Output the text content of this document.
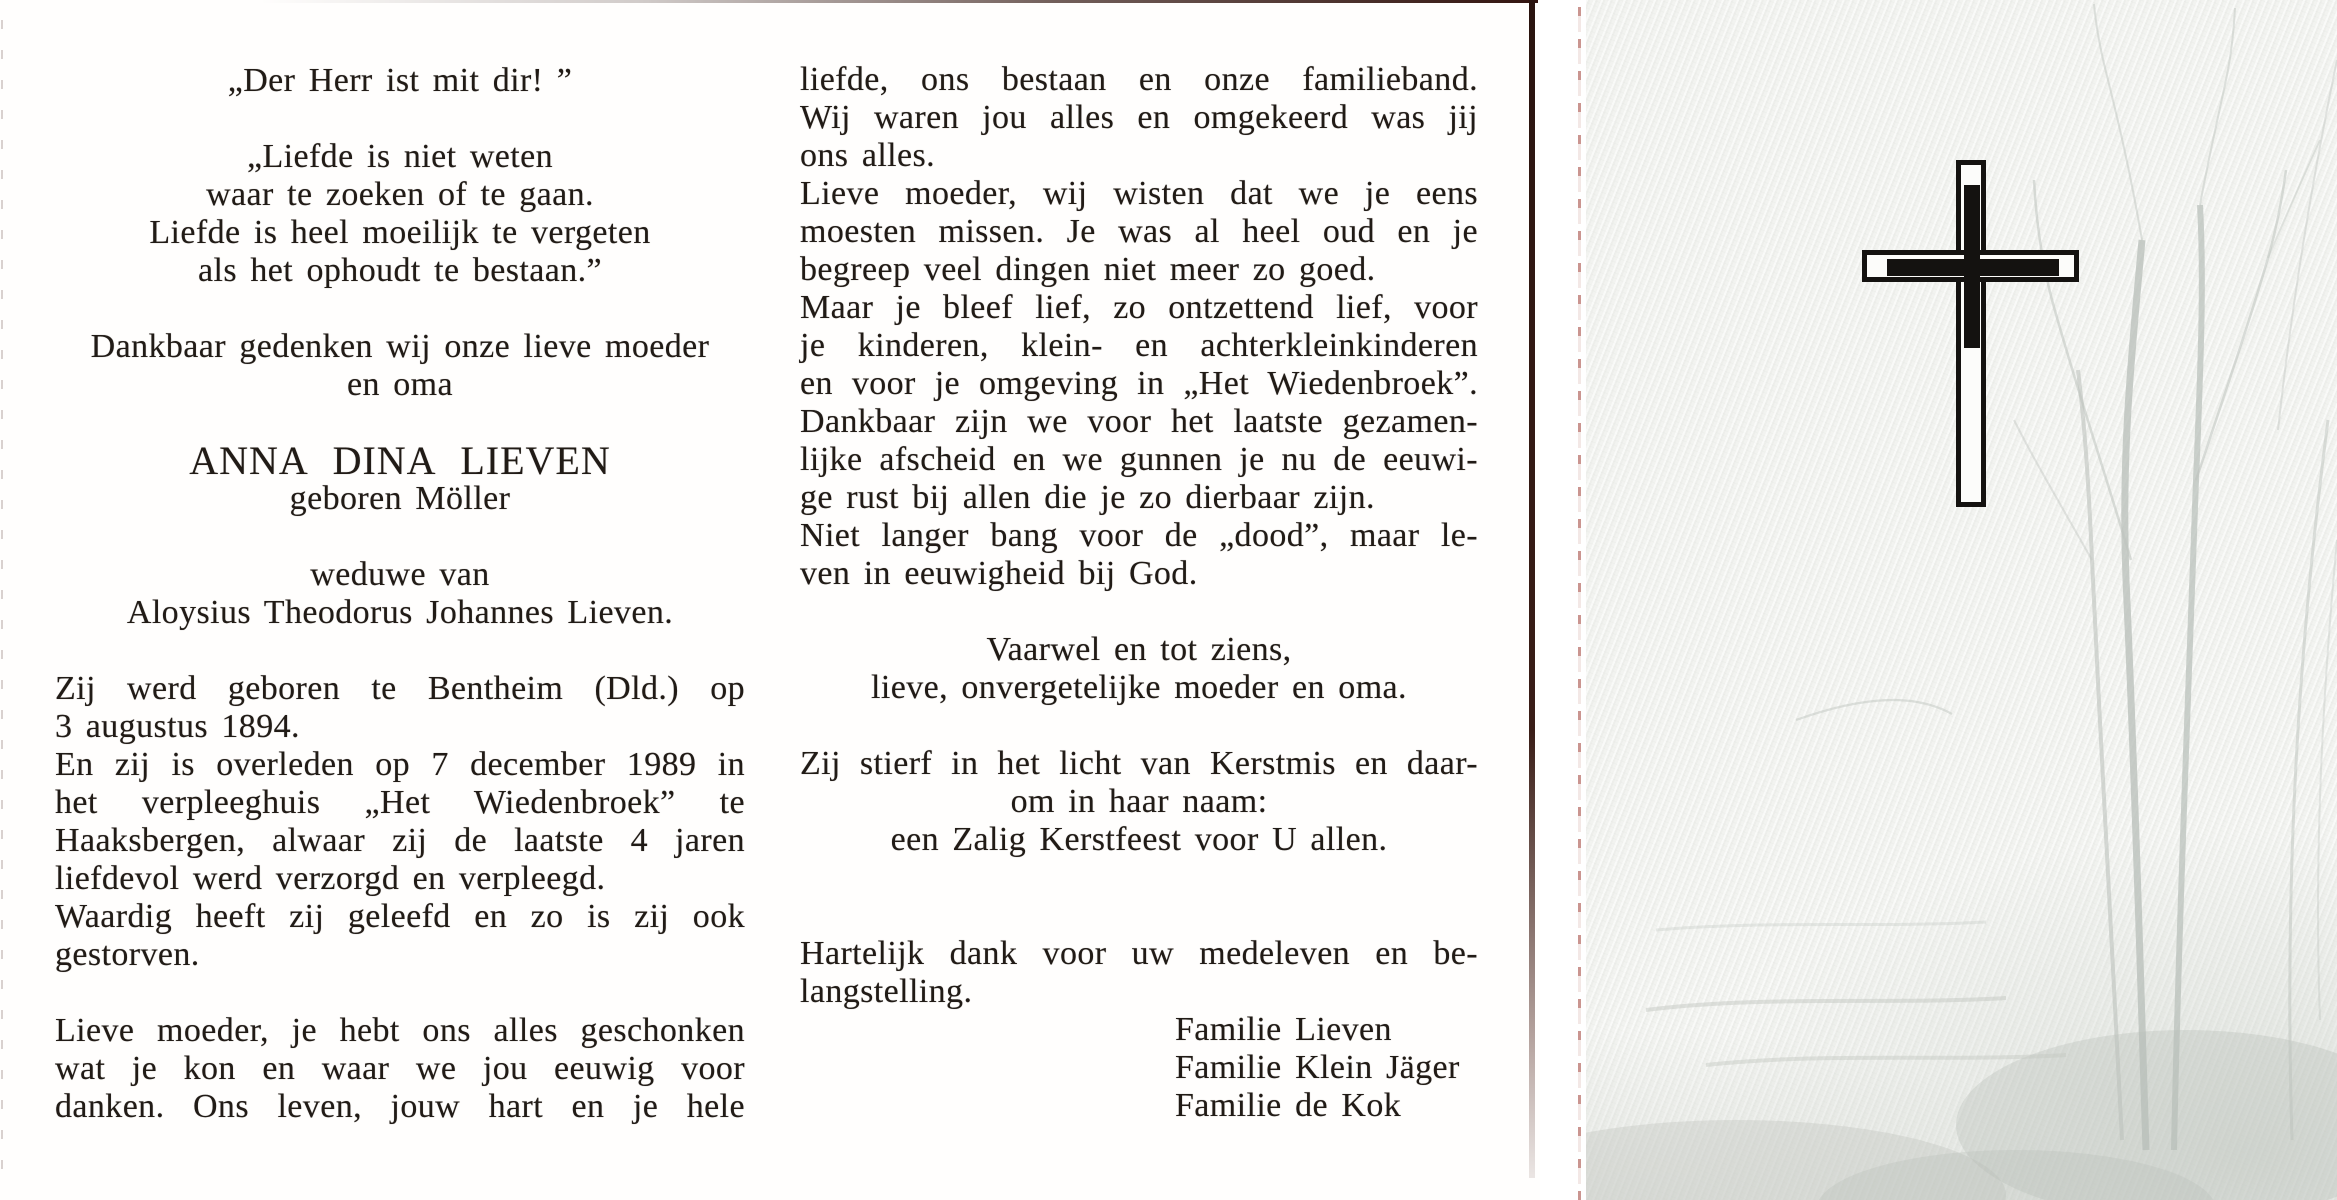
„Der Herr ist mit dir! ”

„Liefde is niet weten
waar te zoeken of te gaan.
Liefde is heel moeilijk te vergeten
als het ophoudt te bestaan.”

Dankbaar gedenken wij onze lieve moeder
en oma

ANNA DINA LIEVEN
geboren Möller

weduwe van
Aloysius Theodorus Johannes Lieven.

Zij werd geboren te Bentheim (Dld.) op
3 augustus 1894.
En zij is overleden op 7 december 1989 in
het verpleeghuis „Het Wiedenbroek” te
Haaksbergen, alwaar zij de laatste 4 jaren
liefdevol werd verzorgd en verpleegd.
Waardig heeft zij geleefd en zo is zij ook
gestorven.

Lieve moeder, je hebt ons alles geschonken
wat je kon en waar we jou eeuwig voor
danken. Ons leven, jouw hart en je hele
liefde, ons bestaan en onze familieband.
Wij waren jou alles en omgekeerd was jij
ons alles.
Lieve moeder, wij wisten dat we je eens
moesten missen. Je was al heel oud en je
begreep veel dingen niet meer zo goed.
Maar je bleef lief, zo ontzettend lief, voor
je kinderen, klein- en achterkleinkinderen
en voor je omgeving in „Het Wiedenbroek”.
Dankbaar zijn we voor het laatste gezamen-
lijke afscheid en we gunnen je nu de eeuwi-
ge rust bij allen die je zo dierbaar zijn.
Niet langer bang voor de „dood”, maar le-
ven in eeuwigheid bij God.

Vaarwel en tot ziens,
lieve, onvergetelijke moeder en oma.

Zij stierf in het licht van Kerstmis en daar-
om in haar naam:
een Zalig Kerstfeest voor U allen.

Hartelijk dank voor uw medeleven en be-
langstelling.
Familie Lieven
Familie Klein Jäger
Familie de Kok
